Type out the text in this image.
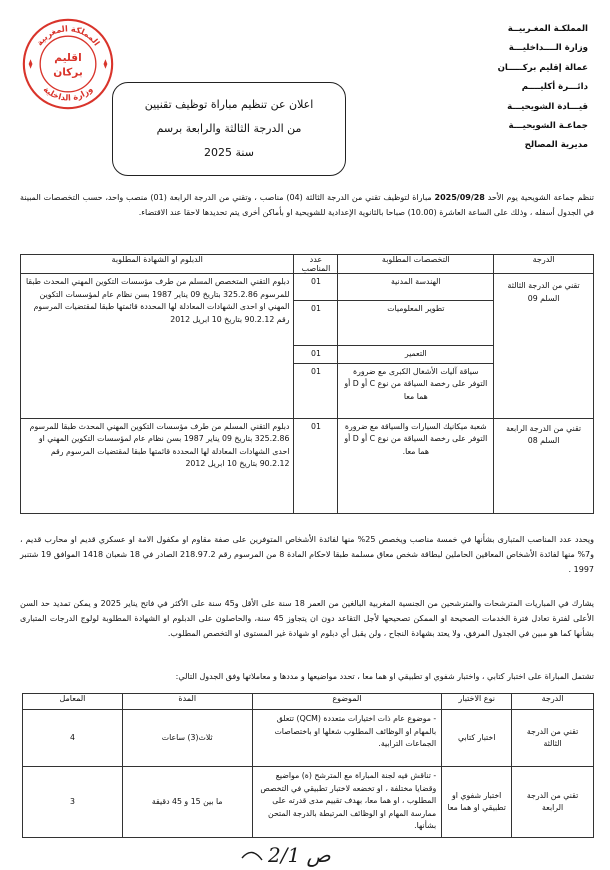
المملكـة المغـربيــة
وزارة الــــداخليـــة
عمالة إقليم بركـــــان
دائـــرة أكليــــم
قيـــادة الشويحيـــة
جماعـة الشويحيـــة
مديرية المصالح
المملكة المغربية
وزارة الداخلية
اقليم
بركان
اعلان عن تنظيم مباراة توظيف تقنيين
من الدرجة الثالثة والرابعة برسم
سنة 2025
تنظم جماعة الشويحية يوم الأحد 2025/09/28 مباراة لتوظيف تقني من الدرجة الثالثة (04) مناصب ، وتقني من الدرجة الرابعة (01) منصب واحد، حسب التخصصات المبينة في الجدول أسفله ، وذلك على الساعة العاشرة (10.00) صباحا بالثانوية الإعدادية للشويحية او بأماكن أخرى يتم تحديدها لاحقا عند الاقتضاء.
الدرجة	التخصصات المطلوبة	عدد المناصب	الدبلوم او الشهادة المطلوبة
تقني من الدرجة الثالثة السلم 09	الهندسة المدنية	01	دبلوم التقني المتخصص المسلم من طرف مؤسسات التكوين المهني المحدث طبقا للمرسوم 325.2.86 بتاريخ 09 يناير 1987 بسن نظام عام لمؤسسات التكوين المهني او احدى الشهادات المعادلة لها المحددة قائمتها طبقا لمقتضيات المرسوم رقم 90.2.12 بتاريخ 10 ابريل 2012
	تطوير المعلوميات	01	
	التعمير	01	
	سياقة آليات الأشغال الكبرى مع ضرورة التوفر على رخصة السياقة من نوع C أو D أو هما معا	01	
تقني من الدرجة الرابعة السلم 08	شعبة ميكانيك السيارات والسياقة مع ضرورة التوفر على رخصة السياقة من نوع C أو D أو هما معا.	01	دبلوم التقني المسلم من طرف مؤسسات التكوين المهني المحدث طبقا للمرسوم 325.2.86 بتاريخ 09 يناير 1987 بسن نظام عام لمؤسسات التكوين المهني او احدى الشهادات المعادلة لها المحددة قائمتها طبقا لمقتضيات المرسوم رقم 90.2.12 بتاريخ 10 ابريل 2012
ويحدد عدد المناصب المتبارى بشأنها في خمسة مناصب ويخصص 25% منها لفائدة الأشخاص المتوفرين على صفة مقاوم او مكفول الامة او عسكري قديم او محارب قديم ، و7% منها لفائدة الأشخاص المعاقين الحاملين لبطاقة شخص معاق مسلمة طبقا لاحكام المادة 8 من المرسوم رقم 218.97.2 الصادر في 18 شعبان 1418 الموافق 19 شتنبر 1997 .
يشارك في المباريات المترشحات والمترشحين من الجنسية المغربية البالغين من العمر 18 سنة على الأقل و45 سنة على الأكثر في فاتح يناير 2025 و يمكن تمديد حد السن الأعلى لفترة تعادل فترة الخدمات الصحيحة او الممكن تصحيحها لأجل التقاعد دون ان يتجاوز 45 سنة، والحاصلون على الدبلوم او الشهادة المطلوبة لولوج الدرجات المتبارى بشأنها كما هو مبين في الجدول المرفق، ولا يعتد بشهادة النجاح ، ولن يقبل أي دبلوم او شهادة غير المستوى او التخصص المطلوب.
تشتمل المباراة على اختبار كتابي ، واختبار شفوي او تطبيقي او هما معا ، تحدد مواضيعها و مددها و معاملاتها وفق الجدول التالي:
الدرجة	نوع الاختبار	الموضوع	المدة	المعامل
تقني من الدرجة الثالثة	اختبار كتابي	- موضوع عام ذات اختيارات متعددة (QCM) تتعلق بالمهام او الوظائف المطلوب شغلها او باختصاصات الجماعات الترابية.	ثلاث(3) ساعات	4
تقني من الدرجة الرابعة	اختبار شفوي او تطبيقي او هما معا	- تناقش فيه لجنة المباراة مع المترشح (ة) مواضيع وقضايا مختلفة ، او تخضعه لاختبار تطبيقي في التخصص المطلوب ، او هما معا، بهدف تقييم مدى قدرته على ممارسة المهام او الوظائف المرتبطة بالدرجة المتحن بشأنها.	ما بين 15 و 45 دقيقة	3
2/1 ص
